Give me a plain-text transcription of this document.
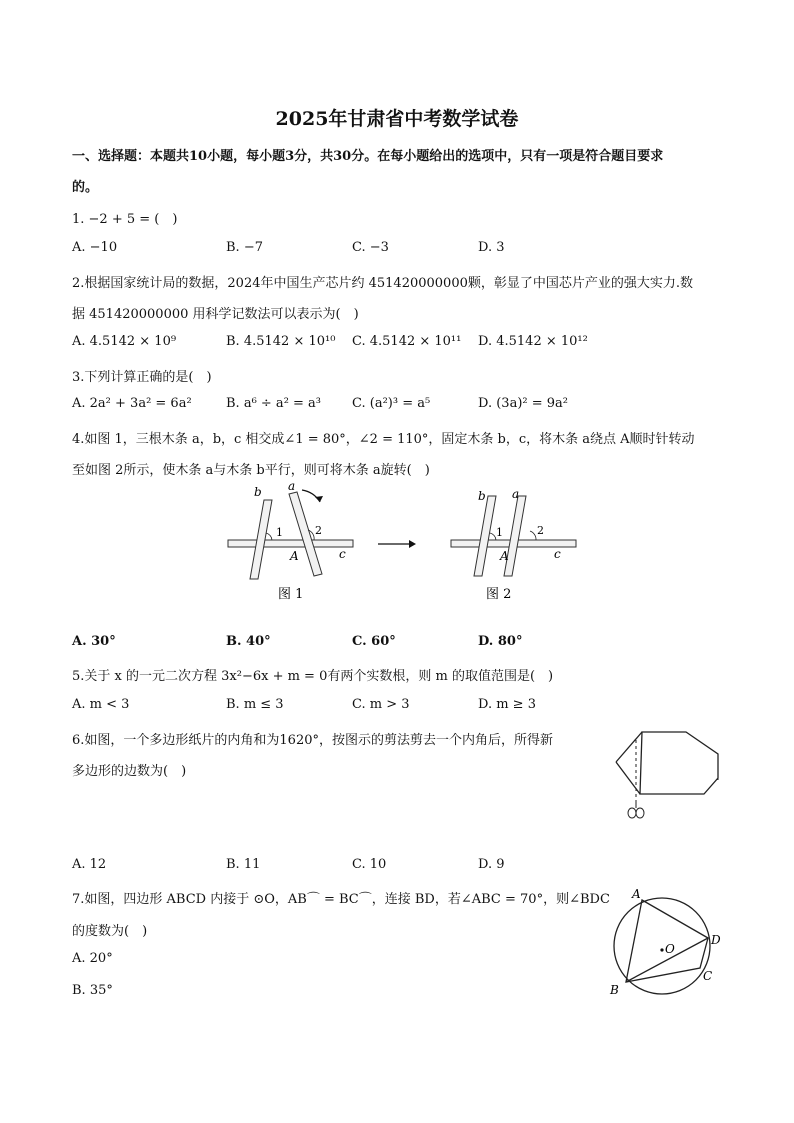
2025年甘肃省中考数学试卷
一、选择题：本题共10小题，每小题3分，共30分。在每小题给出的选项中，只有一项是符合题目要求
的。
1. −2 + 5 = (　)
A. −10	B. −7	C. −3	D. 3
2.根据国家统计局的数据，2024年中国生产芯片约 451420000000颗，彰显了中国芯片产业的强大实力.数
据 451420000000 用科学记数法可以表示为(　)
A. 4.5142 × 10⁹	B. 4.5142 × 10¹⁰ C. 4.5142 × 10¹¹ D. 4.5142 × 10¹²
3.下列计算正确的是(　)
A. 2a² + 3a² = 6a²	B. a⁶ ÷ a² = a³ C. (a²)³ = a⁵	D. (3a)² = 9a²
4.如图 1，三根木条 a，b，c 相交成∠1 = 80°，∠2 = 110°，固定木条 b，c，将木条 a绕点 A顺时针转动
至如图 2所示，使木条 a与木条 b平行，则可将木条 a旋转(　)
b a
1	2
A	c
图 1
b a
1	2
A	c
图 2
A. 30°	B. 40°	C. 60°	D. 80°
5.关于 x 的一元二次方程 3x²−6x + m = 0有两个实数根，则 m 的取值范围是(　)
A. m < 3	B. m ≤ 3	C. m > 3	D. m ≥ 3
6.如图，一个多边形纸片的内角和为1620°，按图示的剪法剪去一个内角后，所得新
多边形的边数为(　)
A. 12	B. 11	C. 10	D. 9
7.如图，四边形 ABCD 内接于 ⊙O，AB⌒ = BC⌒，连接 BD，若∠ABC = 70°，则∠BDC
的度数为(　)
A. 20°
B. 35°
A
B
C
D
O
